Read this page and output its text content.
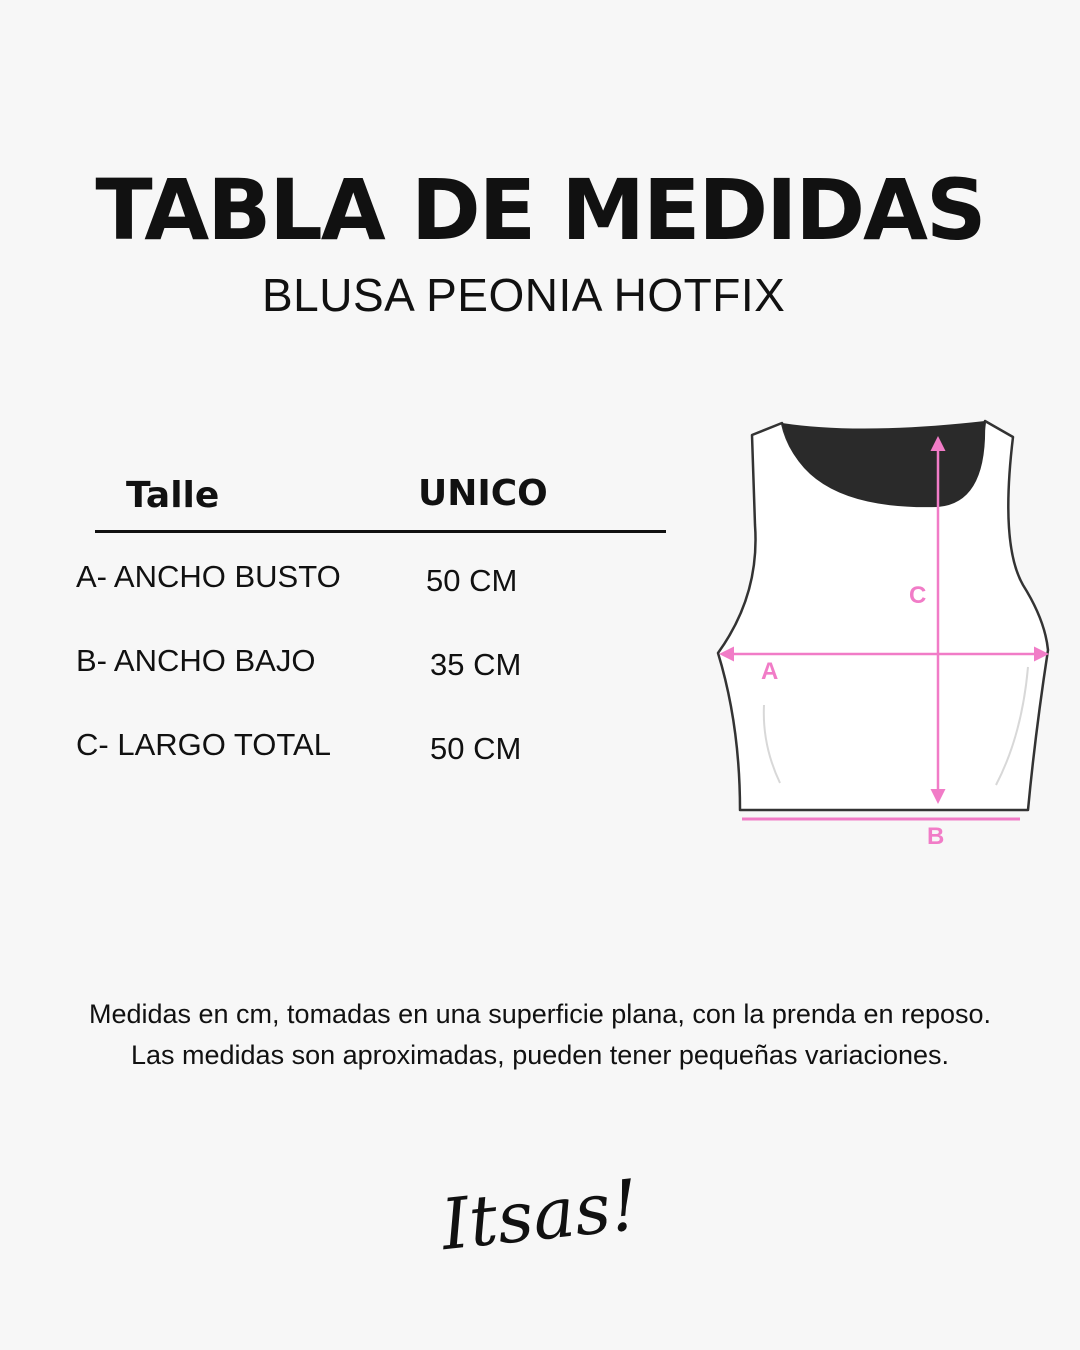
TABLA DE MEDIDAS
BLUSA PEONIA HOTFIX
Talle	UNICO
A- ANCHO BUSTO	50 CM
B- ANCHO BAJO	35 CM
C- LARGO TOTAL	50 CM
C
A
B
Medidas en cm, tomadas en una superficie plana, con la prenda en reposo.
Las medidas son aproximadas, pueden tener pequeñas variaciones.
Itsas!
